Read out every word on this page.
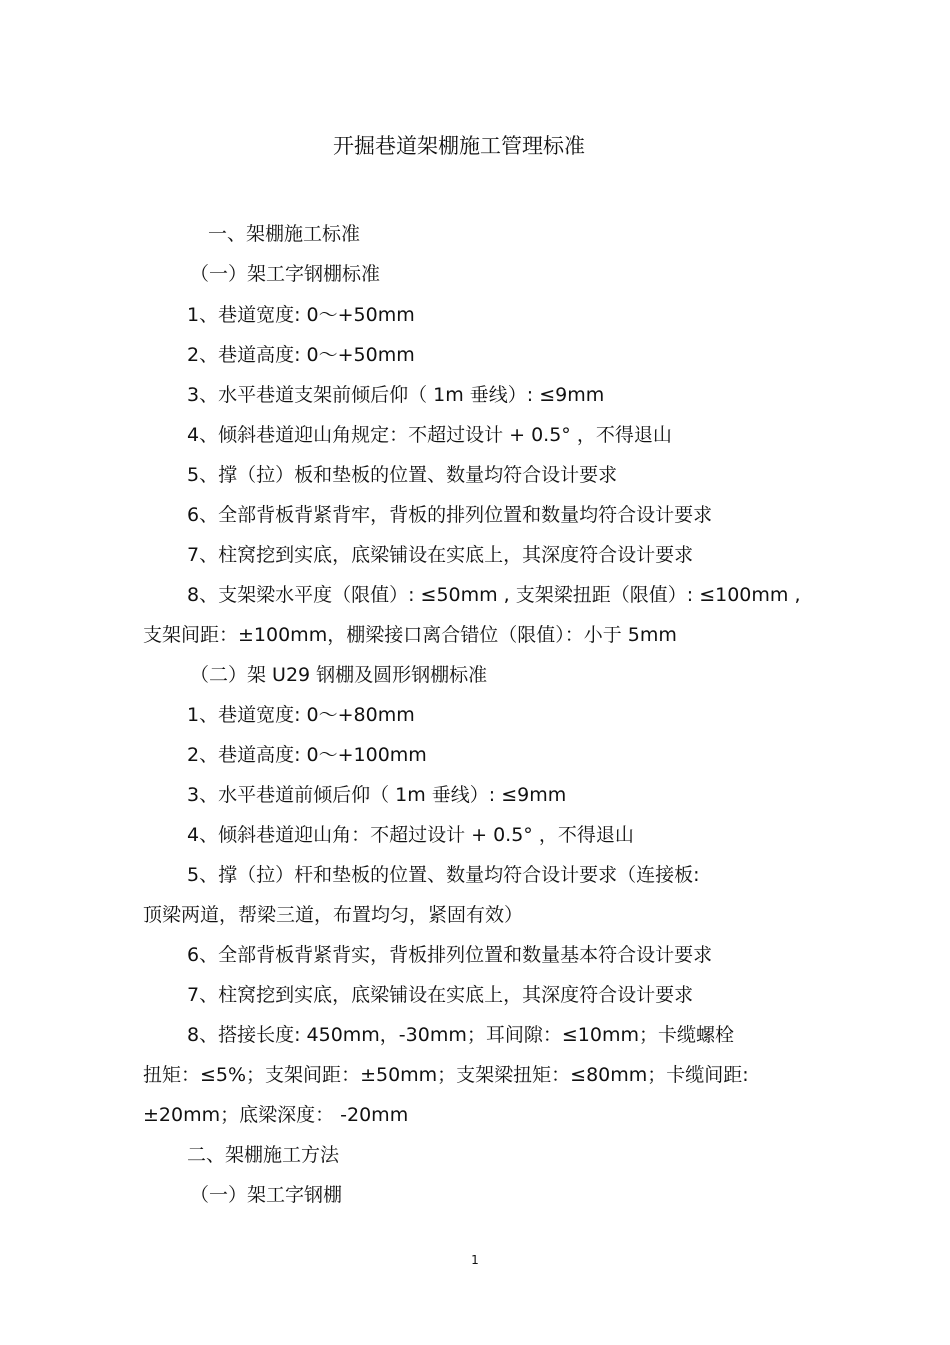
开掘巷道架棚施工管理标准
一、架棚施工标准
（一）架工字钢棚标准
1、巷道宽度: 0～+50mm
2、巷道高度: 0～+50mm
3、水平巷道支架前倾后仰（ 1m 垂线）: ≤9mm
4、倾斜巷道迎山角规定：不超过设计 + 0.5° ，不得退山
5、撑（拉）板和垫板的位置、数量均符合设计要求
6、全部背板背紧背牢，背板的排列位置和数量均符合设计要求
7、柱窝挖到实底，底梁铺设在实底上，其深度符合设计要求
8、支架梁水平度（限值）: ≤50mm , 支架梁扭距（限值）: ≤100mm ,
支架间距：±100mm，棚梁接口离合错位（限值）：小于 5mm
（二）架 U29 钢棚及圆形钢棚标准
1、巷道宽度: 0～+80mm
2、巷道高度: 0～+100mm
3、水平巷道前倾后仰（ 1m 垂线）: ≤9mm
4、倾斜巷道迎山角：不超过设计 + 0.5° ，不得退山
5、撑（拉）杆和垫板的位置、数量均符合设计要求（连接板:
顶梁两道，帮梁三道，布置均匀，紧固有效）
6、全部背板背紧背实，背板排列位置和数量基本符合设计要求
7、柱窝挖到实底，底梁铺设在实底上，其深度符合设计要求
8、搭接长度: 450mm，-30mm；耳间隙：≤10mm；卡缆螺栓
扭矩：≤5%；支架间距：±50mm；支架梁扭矩：≤80mm；卡缆间距:
±20mm；底梁深度： -20mm
二、架棚施工方法
（一）架工字钢棚
1
